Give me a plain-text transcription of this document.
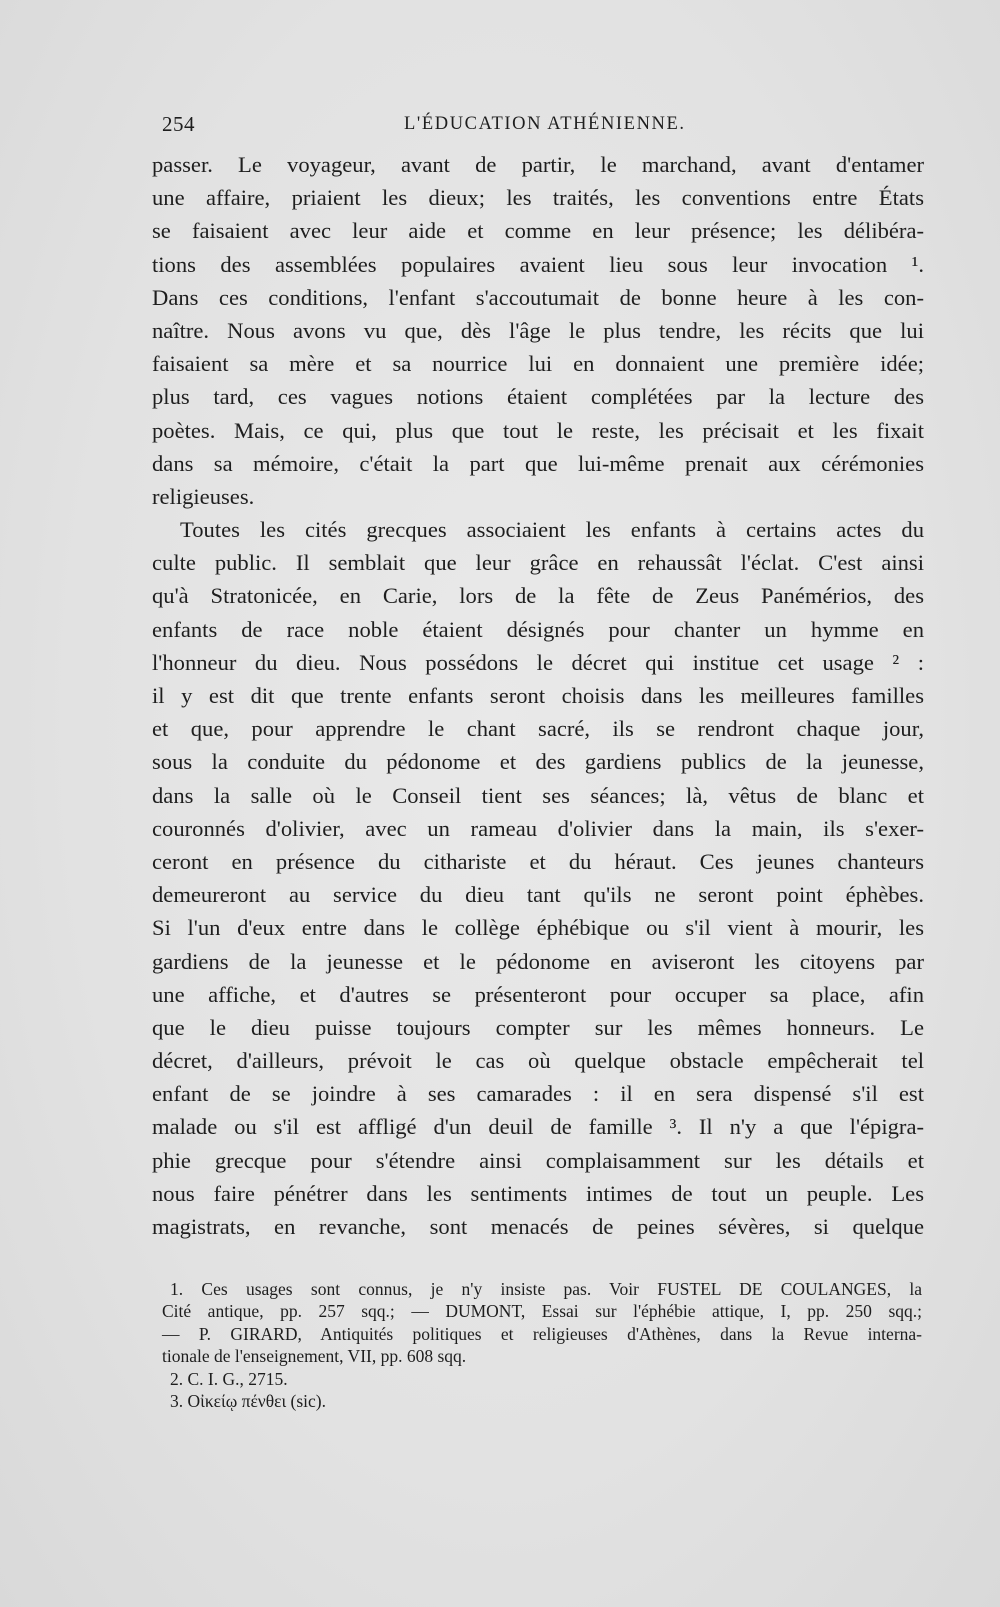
254	L'ÉDUCATION ATHÉNIENNE.
passer. Le voyageur, avant de partir, le marchand, avant d'entamer
une affaire, priaient les dieux; les traités, les conventions entre États
se faisaient avec leur aide et comme en leur présence; les délibéra-
tions des assemblées populaires avaient lieu sous leur invocation ¹.
Dans ces conditions, l'enfant s'accoutumait de bonne heure à les con-
naître. Nous avons vu que, dès l'âge le plus tendre, les récits que lui
faisaient sa mère et sa nourrice lui en donnaient une première idée;
plus tard, ces vagues notions étaient complétées par la lecture des
poètes. Mais, ce qui, plus que tout le reste, les précisait et les fixait
dans sa mémoire, c'était la part que lui-même prenait aux cérémonies
religieuses.
Toutes les cités grecques associaient les enfants à certains actes du
culte public. Il semblait que leur grâce en rehaussât l'éclat. C'est ainsi
qu'à Stratonicée, en Carie, lors de la fête de Zeus Panémérios, des
enfants de race noble étaient désignés pour chanter un hymme en
l'honneur du dieu. Nous possédons le décret qui institue cet usage ² :
il y est dit que trente enfants seront choisis dans les meilleures familles
et que, pour apprendre le chant sacré, ils se rendront chaque jour,
sous la conduite du pédonome et des gardiens publics de la jeunesse,
dans la salle où le Conseil tient ses séances; là, vêtus de blanc et
couronnés d'olivier, avec un rameau d'olivier dans la main, ils s'exer-
ceront en présence du cithariste et du héraut. Ces jeunes chanteurs
demeureront au service du dieu tant qu'ils ne seront point éphèbes.
Si l'un d'eux entre dans le collège éphébique ou s'il vient à mourir, les
gardiens de la jeunesse et le pédonome en aviseront les citoyens par
une affiche, et d'autres se présenteront pour occuper sa place, afin
que le dieu puisse toujours compter sur les mêmes honneurs. Le
décret, d'ailleurs, prévoit le cas où quelque obstacle empêcherait tel
enfant de se joindre à ses camarades : il en sera dispensé s'il est
malade ou s'il est affligé d'un deuil de famille ³. Il n'y a que l'épigra-
phie grecque pour s'étendre ainsi complaisamment sur les détails et
nous faire pénétrer dans les sentiments intimes de tout un peuple. Les
magistrats, en revanche, sont menacés de peines sévères, si quelque
1. Ces usages sont connus, je n'y insiste pas. Voir FUSTEL DE COULANGES, la
Cité antique, pp. 257 sqq.; — DUMONT, Essai sur l'éphébie attique, I, pp. 250 sqq.;
— P. GIRARD, Antiquités politiques et religieuses d'Athènes, dans la Revue interna-
tionale de l'enseignement, VII, pp. 608 sqq.
2. C. I. G., 2715.
3. Οἰκείῳ πένθει (sic).
